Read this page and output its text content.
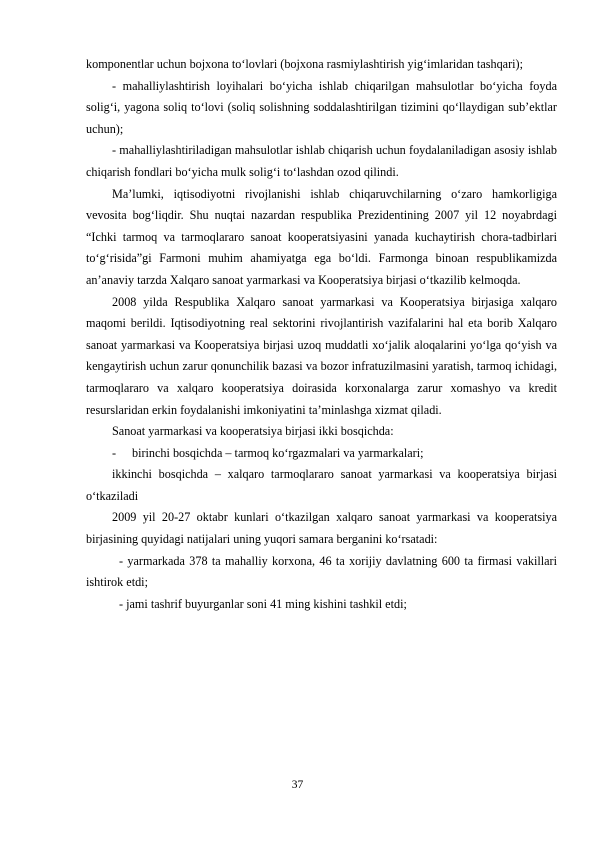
komponentlar uchun bojxona to‘lovlari (bojxona rasmiylashtirish yig‘imlaridan tashqari);

- mahalliylashtirish loyihalari bo‘yicha ishlab chiqarilgan mahsulotlar bo‘yicha foyda solig‘i, yagona soliq to‘lovi (soliq solishning soddalashtirilgan tizimini qo‘llaydigan sub’ektlar uchun);

- mahalliylashtiriladigan mahsulotlar ishlab chiqarish uchun foydalaniladigan asosiy ishlab chiqarish fondlari bo‘yicha mulk solig‘i to‘lashdan ozod qilindi.

Ma’lumki, iqtisodiyotni rivojlanishi ishlab chiqaruvchilarning o‘zaro hamkorligiga vevosita bog‘liqdir. Shu nuqtai nazardan respublika Prezidentining 2007 yil 12 noyabrdagi “Ichki tarmoq va tarmoqlararo sanoat kooperatsiyasini yanada kuchaytirish chora-tadbirlari to‘g‘risida”gi Farmoni muhim ahamiyatga ega bo‘ldi. Farmonga binoan respublikamizda an’anaviy tarzda Xalqaro sanoat yarmarkasi va Kooperatsiya birjasi o‘tkazilib kelmoqda.

2008 yilda Respublika Xalqaro sanoat yarmarkasi va Kooperatsiya birjasiga xalqaro maqomi berildi. Iqtisodiyotning real sektorini rivojlantirish vazifalarini hal eta borib Xalqaro sanoat yarmarkasi va Kooperatsiya birjasi uzoq muddatli xo‘jalik aloqalarini yo‘lga qo‘yish va kengaytirish uchun zarur qonunchilik bazasi va bozor infratuzilmasini yaratish, tarmoq ichidagi, tarmoqlararo va xalqaro kooperatsiya doirasida korxonalarga zarur xomashyo va kredit resurslaridan erkin foydalanishi imkoniyatini ta’minlashga xizmat qiladi.

Sanoat yarmarkasi va kooperatsiya birjasi ikki bosqichda:

- birinchi bosqichda – tarmoq ko‘rgazmalari va yarmarkalari;

ikkinchi bosqichda – xalqaro tarmoqlararo sanoat yarmarkasi va kooperatsiya birjasi o‘tkaziladi

2009 yil 20-27 oktabr kunlari o‘tkazilgan xalqaro sanoat yarmarkasi va kooperatsiya birjasining quyidagi natijalari uning yuqori samara berganini ko‘rsatadi:

- yarmarkada 378 ta mahalliy korxona, 46 ta xorijiy davlatning 600 ta firmasi vakillari ishtirok etdi;

- jami tashrif buyurganlar soni 41 ming kishini tashkil etdi;

37
